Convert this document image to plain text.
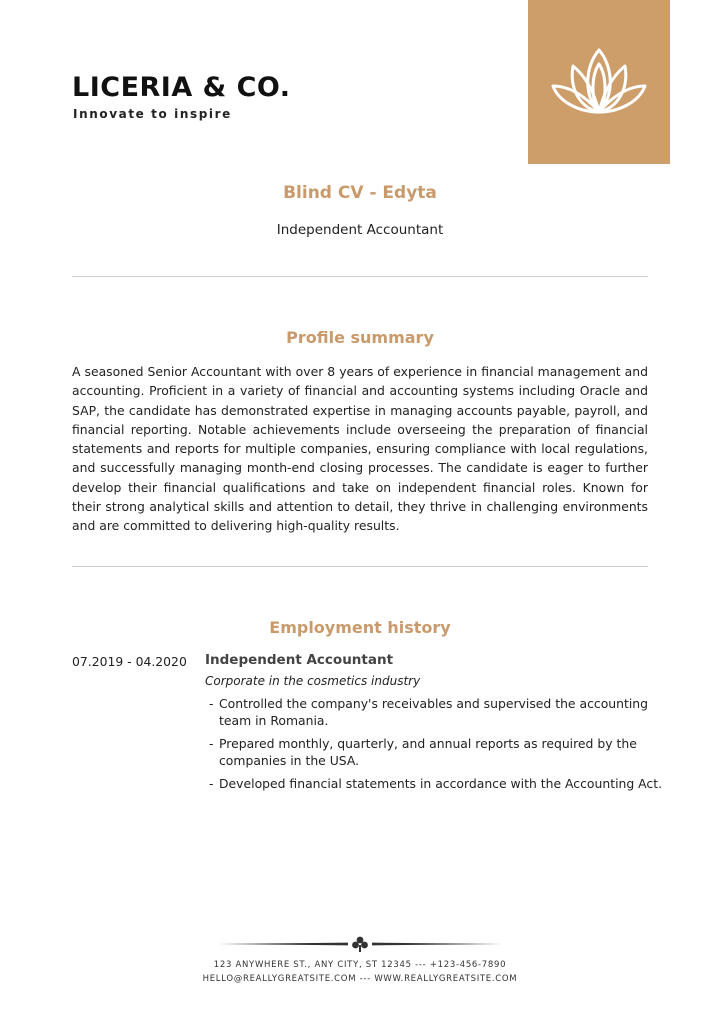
LICERIA & CO.
Innovate to inspire
Blind CV - Edyta
Independent Accountant
Profile summary

A seasoned Senior Accountant with over 8 years of experience in financial management and accounting. Proficient in a variety of financial and accounting systems including Oracle and SAP, the candidate has demonstrated expertise in managing accounts payable, payroll, and financial reporting. Notable achievements include overseeing the preparation of financial statements and reports for multiple companies, ensuring compliance with local regulations, and successfully managing month-end closing processes. The candidate is eager to further develop their financial qualifications and take on independent financial roles. Known for their strong analytical skills and attention to detail, they thrive in challenging environments and are committed to delivering high-quality results.

Employment history
07.2019 - 04.2020 Independent Accountant
Corporate in the cosmetics industry
- Controlled the company's receivables and supervised the accounting team in Romania.
- Prepared monthly, quarterly, and annual reports as required by the companies in the USA.
- Developed financial statements in accordance with the Accounting Act.
123 ANYWHERE ST., ANY CITY, ST 12345 --- +123-456-7890
HELLO@REALLYGREATSITE.COM --- WWW.REALLYGREATSITE.COM
